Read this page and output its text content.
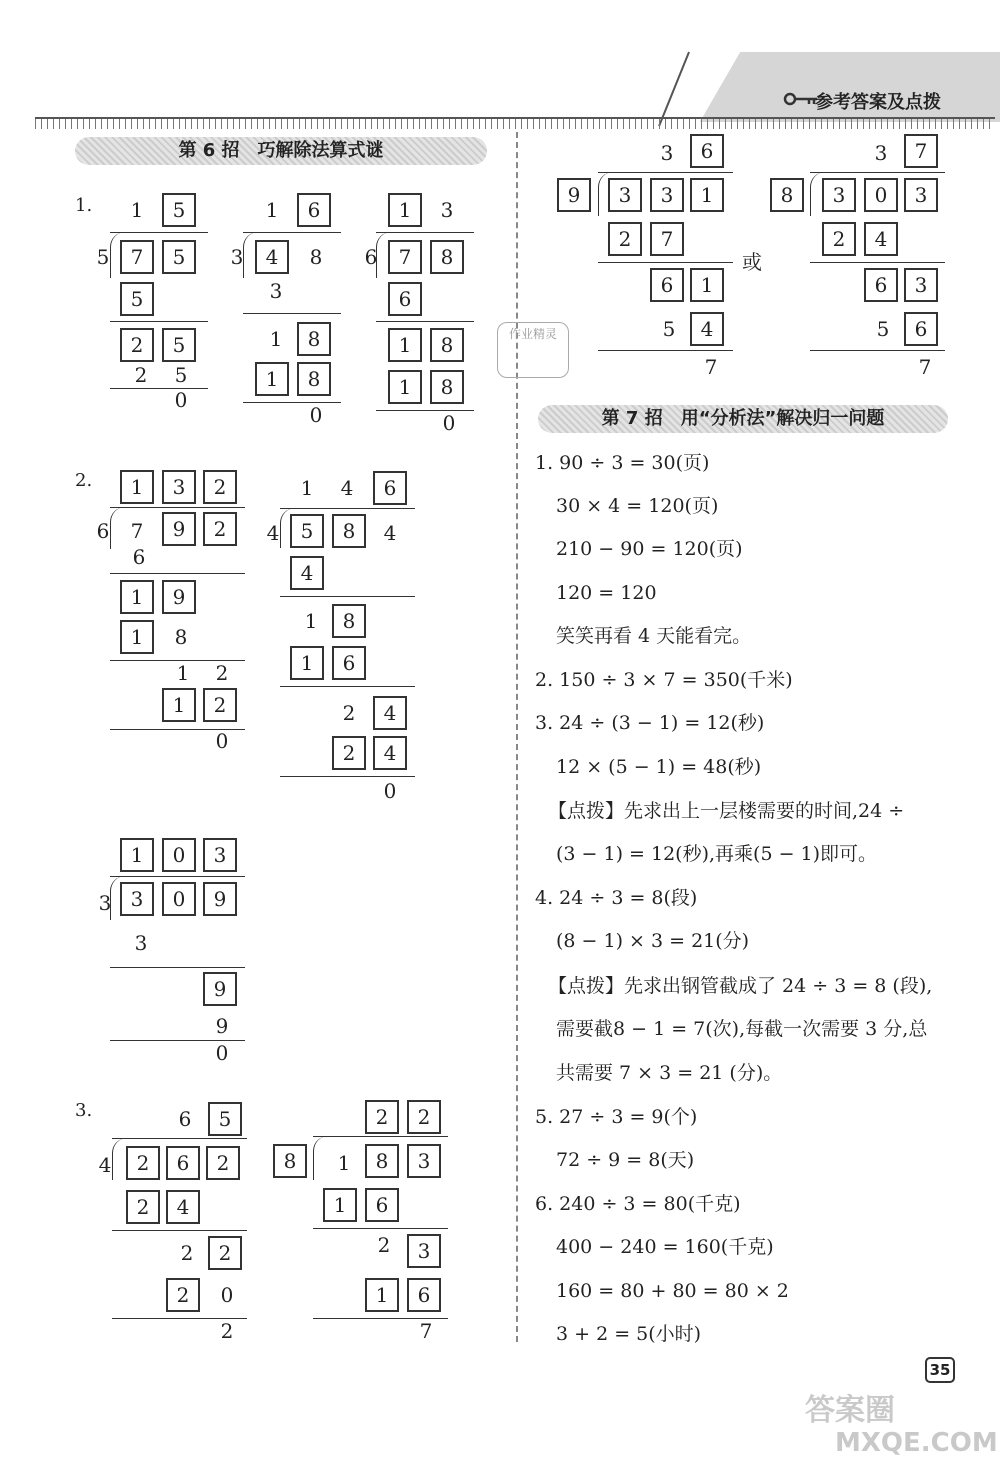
参考答案及点拨
第 6 招　巧解除法算式谜
第 7 招　用“分析法”解决归一问题
作业精灵
1.
2.
3.
或
1	5
5	7	5
5
2	5
2	5
0
1	6
3	4	8
3
1	8
1	8
0
1	3
6	7	8
6
1	8
1	8
0
1	3	2
6	7	9	2
6
1	9
1	8
1	2
1	2
0
1	4	6
4	5	8	4
4
1	8
1	6
2	4
2	4
0
1	0	3
3 3	0	9
3
9
9
0
6	5
4	2	6	2
2	4
2	2
2	0
2
2	2
8	1	8	3
1	6
2	3
1	6
7
3	6
9	3	3	1
2	7
6	1
5	4
7
3	7
8	3	0	3
2	4
6	3
5	6
7
1. 90 ÷ 3 = 30(页)
30 × 4 = 120(页)
210 − 90 = 120(页)
120 = 120
笑笑再看 4 天能看完。
2. 150 ÷ 3 × 7 = 350(千米)
3. 24 ÷ (3 − 1) = 12(秒)
12 × (5 − 1) = 48(秒)
【点拨】先求出上一层楼需要的时间,24 ÷
(3 − 1) = 12(秒),再乘(5 − 1)即可。
4. 24 ÷ 3 = 8(段)
(8 − 1) × 3 = 21(分)
【点拨】先求出钢管截成了 24 ÷ 3 = 8 (段),
需要截8 − 1 = 7(次),每截一次需要 3 分,总
共需要 7 × 3 = 21 (分)。
5. 27 ÷ 3 = 9(个)
72 ÷ 9 = 8(天)
6. 240 ÷ 3 = 80(千克)
400 − 240 = 160(千克)
160 = 80 + 80 = 80 × 2
3 + 2 = 5(小时)
35
答案圈
MXQE.COM
